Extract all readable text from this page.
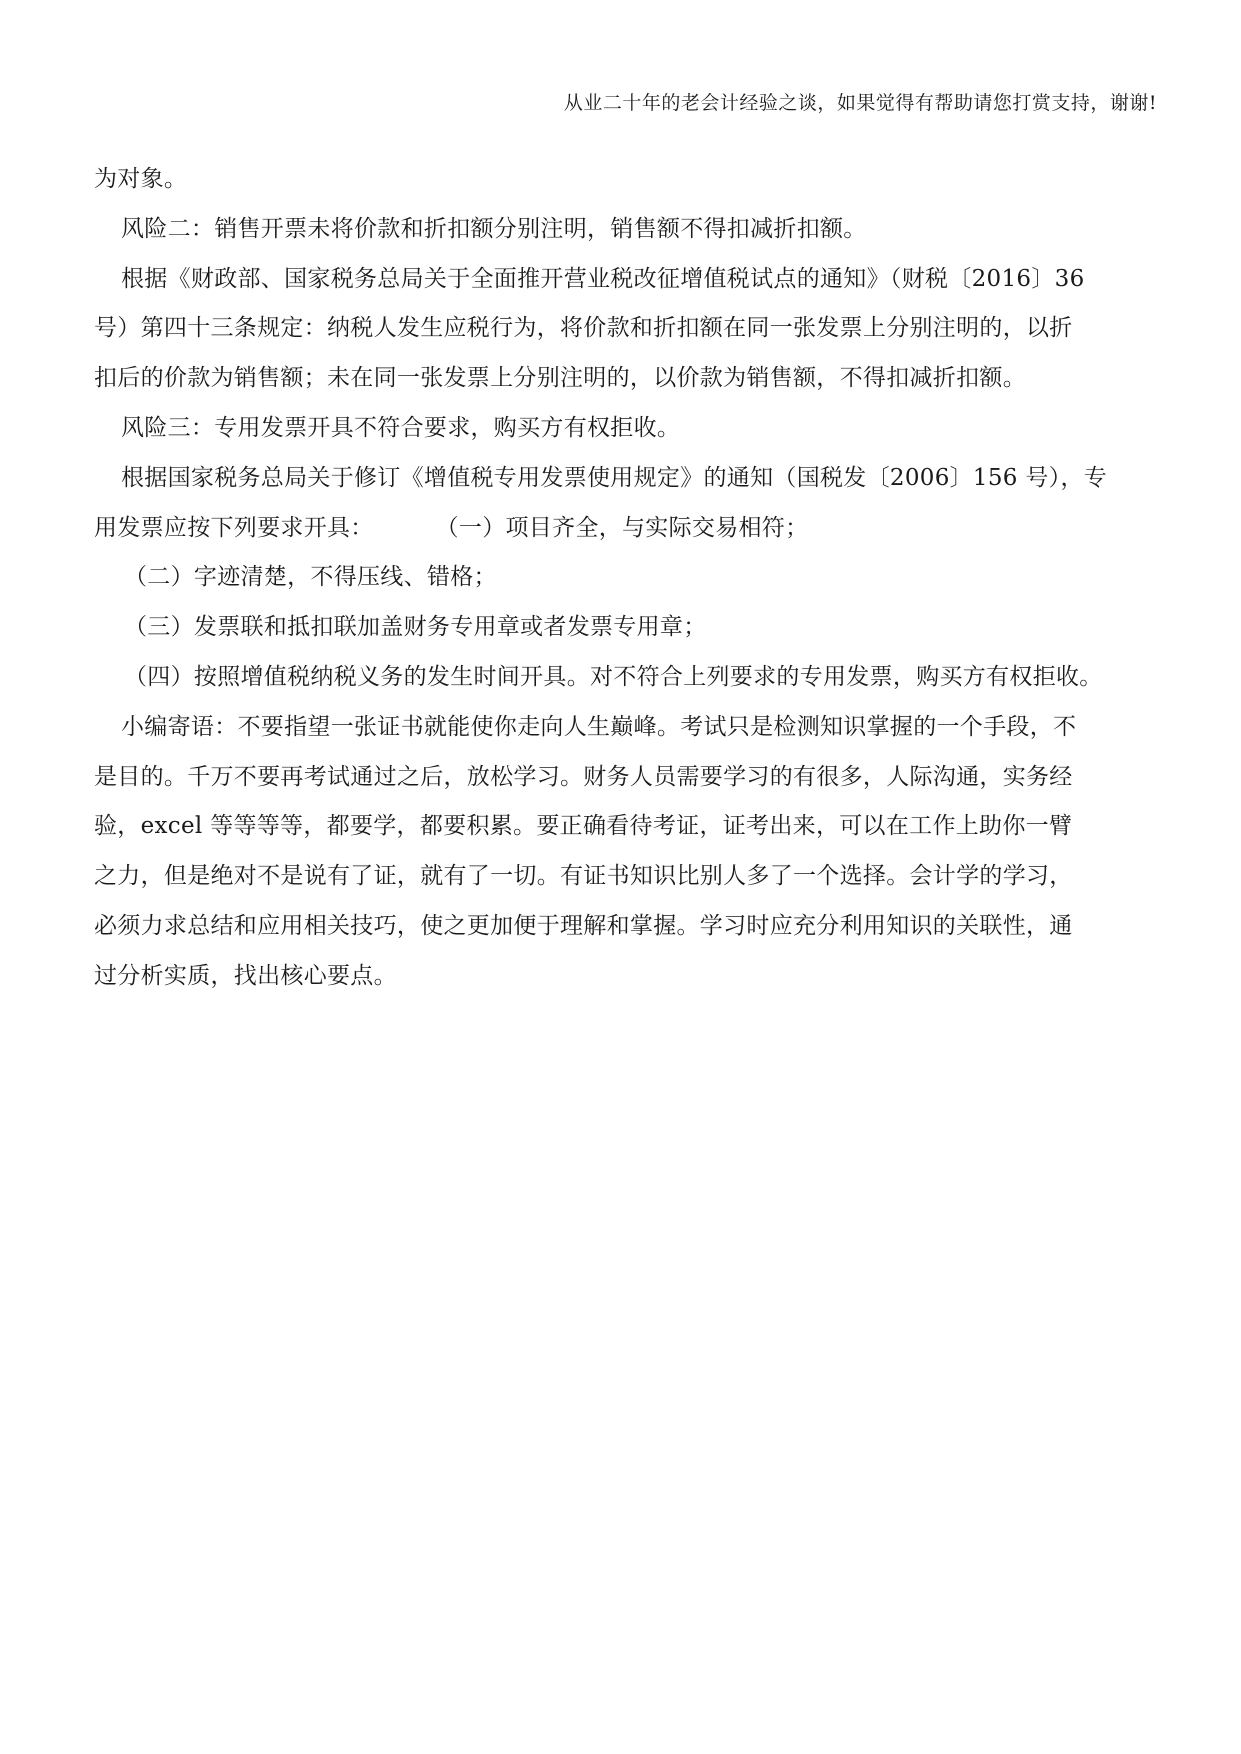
从业二十年的老会计经验之谈，如果觉得有帮助请您打赏支持，谢谢!
为对象。
风险二：销售开票未将价款和折扣额分别注明，销售额不得扣减折扣额。
根据《财政部、国家税务总局关于全面推开营业税改征增值税试点的通知》（财税〔2016〕36
号）第四十三条规定：纳税人发生应税行为，将价款和折扣额在同一张发票上分别注明的，以折
扣后的价款为销售额；未在同一张发票上分别注明的，以价款为销售额，不得扣减折扣额。
风险三：专用发票开具不符合要求，购买方有权拒收。
根据国家税务总局关于修订《增值税专用发票使用规定》的通知（国税发〔2006〕156 号），专
用发票应按下列要求开具：	（一）项目齐全，与实际交易相符；
（二）字迹清楚，不得压线、错格；
（三）发票联和抵扣联加盖财务专用章或者发票专用章；
（四）按照增值税纳税义务的发生时间开具。对不符合上列要求的专用发票，购买方有权拒收。
小编寄语：不要指望一张证书就能使你走向人生巅峰。考试只是检测知识掌握的一个手段，不
是目的。千万不要再考试通过之后，放松学习。财务人员需要学习的有很多，人际沟通，实务经
验，excel 等等等等，都要学，都要积累。要正确看待考证，证考出来，可以在工作上助你一臂
之力，但是绝对不是说有了证，就有了一切。有证书知识比别人多了一个选择。会计学的学习，
必须力求总结和应用相关技巧，使之更加便于理解和掌握。学习时应充分利用知识的关联性，通
过分析实质，找出核心要点。
